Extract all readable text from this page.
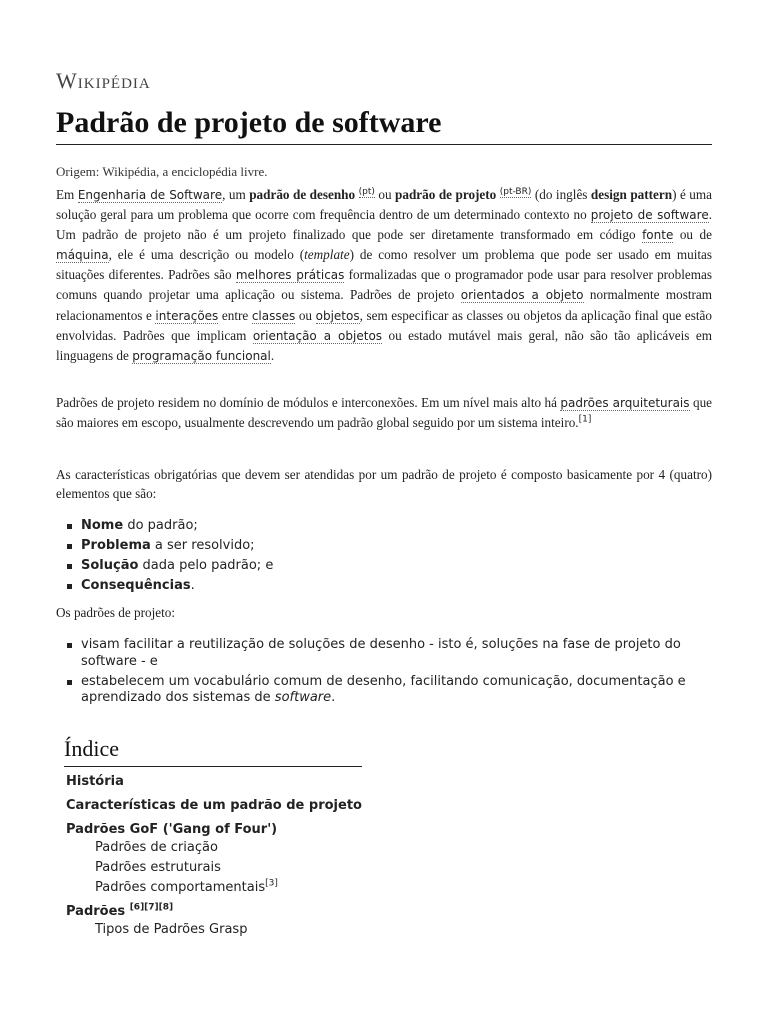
Wikipédia
Padrão de projeto de software
Origem: Wikipédia, a enciclopédia livre.

Em Engenharia de Software, um padrão de desenho $^{(pt)}$ ou padrão de projeto $^{(pt-BR)}$ (do inglês design pattern) é uma solução geral para um problema que ocorre com frequência dentro de um determinado contexto no projeto de software. Um padrão de projeto não é um projeto finalizado que pode ser diretamente transformado em código fonte ou de máquina, ele é uma descrição ou modelo (template) de como resolver um problema que pode ser usado em muitas situações diferentes. Padrões são melhores práticas formalizadas que o programador pode usar para resolver problemas comuns quando projetar uma aplicação ou sistema. Padrões de projeto orientados a objeto normalmente mostram relacionamentos e interações entre classes ou objetos, sem especificar as classes ou objetos da aplicação final que estão envolvidas. Padrões que implicam orientação a objetos ou estado mutável mais geral, não são tão aplicáveis em linguagens de programação funcional.

Padrões de projeto residem no domínio de módulos e interconexões. Em um nível mais alto há padrões arquiteturais que são maiores em escopo, usualmente descrevendo um padrão global seguido por um sistema inteiro.[1]

As características obrigatórias que devem ser atendidas por um padrão de projeto é composto basicamente por 4 (quatro) elementos que são:

Nome do padrão;
Problema a ser resolvido;
Solução dada pelo padrão; e
Consequências.

Os padrões de projeto:

visam facilitar a reutilização de soluções de desenho - isto é, soluções na fase de projeto do software - e
estabelecem um vocabulário comum de desenho, facilitando comunicação, documentação e aprendizado dos sistemas de software.
Índice
História
Características de um padrão de projeto
Padrões GoF ('Gang of Four')
Padrões de criação
Padrões estruturais
Padrões comportamentais[3]
Padrões [6][7][8]
Tipos de Padrões Grasp
